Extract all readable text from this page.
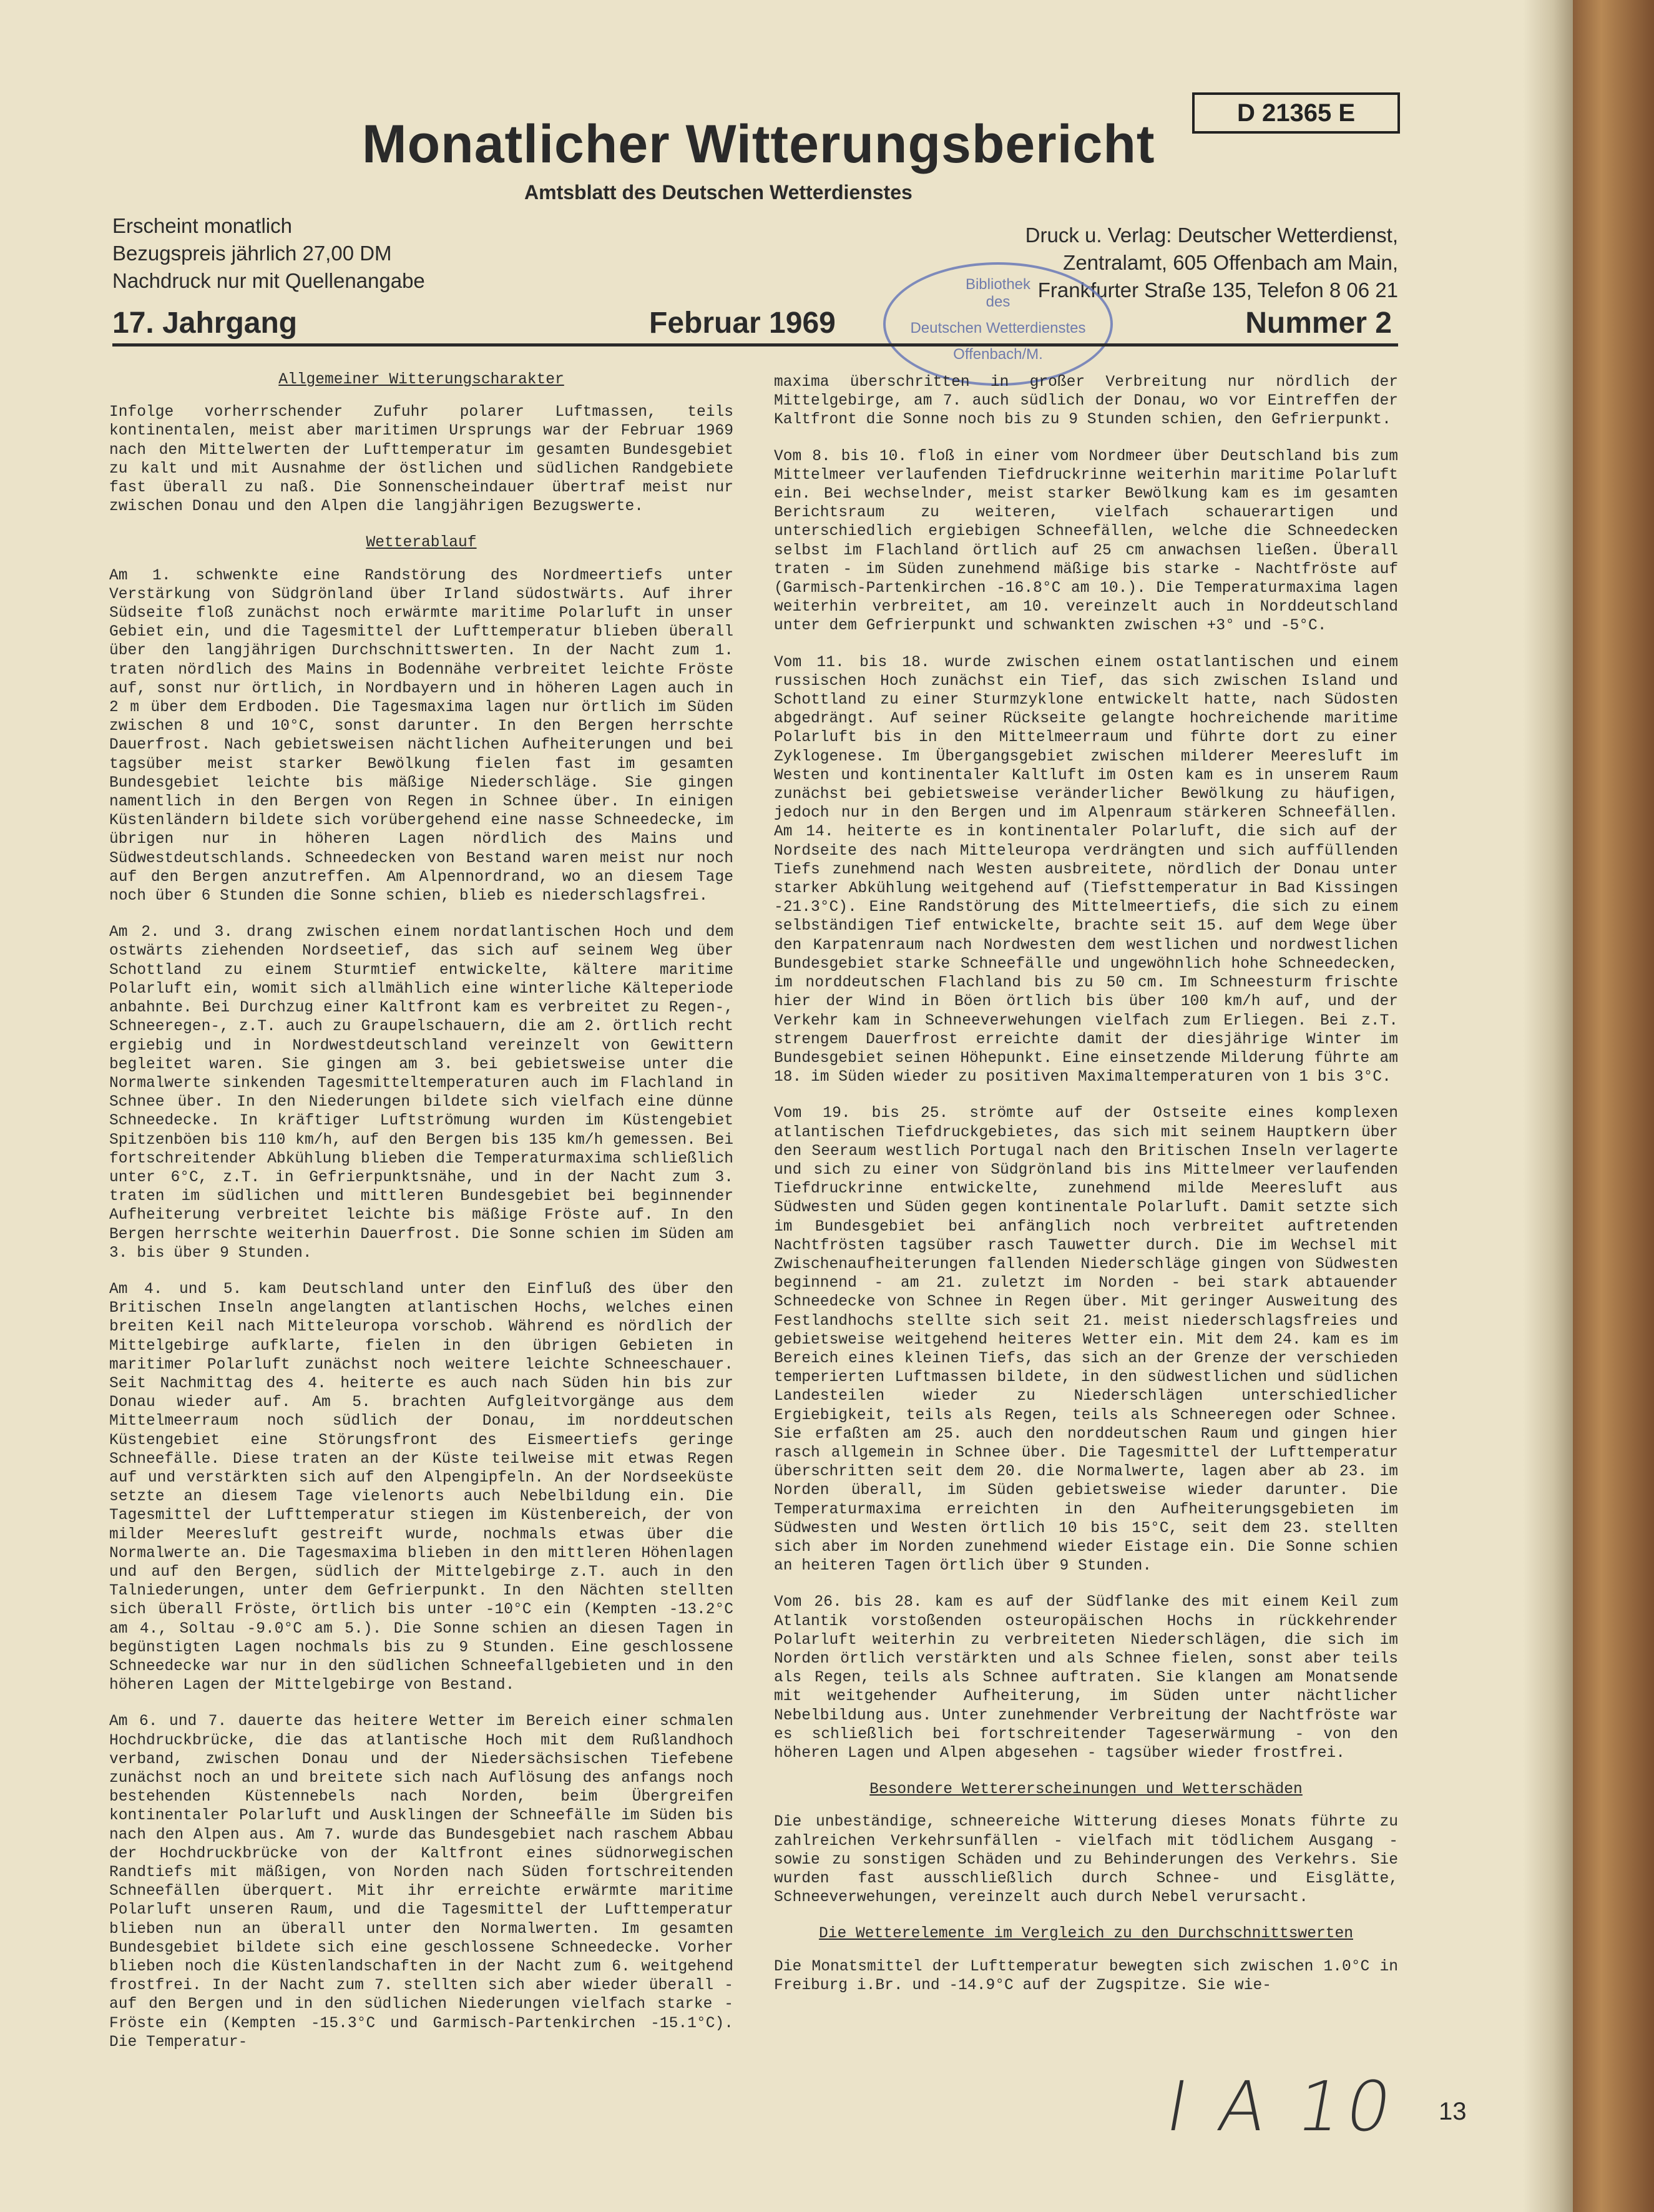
D 21365 E
Monatlicher Witterungsbericht
Amtsblatt des Deutschen Wetterdienstes
Erscheint monatlich
Bezugspreis jährlich 27,00 DM
Nachdruck nur mit Quellenangabe
Druck u. Verlag: Deutscher Wetterdienst,
Zentralamt, 605 Offenbach am Main,
Frankfurter Straße 135, Telefon 8 06 21
Bibliothek
des
Deutschen Wetterdienstes
Offenbach/M.
17. Jahrgang	Februar 1969	Nummer 2
Allgemeiner Witterungscharakter

Infolge vorherrschender Zufuhr polarer Luftmassen, teils kontinentalen, meist aber maritimen Ursprungs war der Februar 1969 nach den Mittelwerten der Lufttemperatur im gesamten Bundesgebiet zu kalt und mit Ausnahme der östlichen und südlichen Randgebiete fast überall zu naß. Die Sonnenscheindauer übertraf meist nur zwischen Donau und den Alpen die langjährigen Bezugswerte.

Wetterablauf

Am 1. schwenkte eine Randstörung des Nordmeertiefs unter Verstärkung von Südgrönland über Irland südostwärts. Auf ihrer Südseite floß zunächst noch erwärmte maritime Polarluft in unser Gebiet ein, und die Tagesmittel der Lufttemperatur blieben überall über den langjährigen Durchschnittswerten. In der Nacht zum 1. traten nördlich des Mains in Bodennähe verbreitet leichte Fröste auf, sonst nur örtlich, in Nordbayern und in höheren Lagen auch in 2 m über dem Erdboden. Die Tagesmaxima lagen nur örtlich im Süden zwischen 8 und 10°C, sonst darunter. In den Bergen herrschte Dauerfrost. Nach gebietsweisen nächtlichen Aufheiterungen und bei tagsüber meist starker Bewölkung fielen fast im gesamten Bundesgebiet leichte bis mäßige Niederschläge. Sie gingen namentlich in den Bergen von Regen in Schnee über. In einigen Küstenländern bildete sich vorübergehend eine nasse Schneedecke, im übrigen nur in höheren Lagen nördlich des Mains und Südwestdeutschlands. Schneedecken von Bestand waren meist nur noch auf den Bergen anzutreffen. Am Alpennordrand, wo an diesem Tage noch über 6 Stunden die Sonne schien, blieb es niederschlagsfrei.

Am 2. und 3. drang zwischen einem nordatlantischen Hoch und dem ostwärts ziehenden Nordseetief, das sich auf seinem Weg über Schottland zu einem Sturmtief entwickelte, kältere maritime Polarluft ein, womit sich allmählich eine winterliche Kälteperiode anbahnte. Bei Durchzug einer Kaltfront kam es verbreitet zu Regen-, Schneeregen-, z.T. auch zu Graupelschauern, die am 2. örtlich recht ergiebig und in Nordwestdeutschland vereinzelt von Gewittern begleitet waren. Sie gingen am 3. bei gebietsweise unter die Normalwerte sinkenden Tagesmitteltemperaturen auch im Flachland in Schnee über. In den Niederungen bildete sich vielfach eine dünne Schneedecke. In kräftiger Luftströmung wurden im Küstengebiet Spitzenböen bis 110 km/h, auf den Bergen bis 135 km/h gemessen. Bei fortschreitender Abkühlung blieben die Temperaturmaxima schließlich unter 6°C, z.T. in Gefrierpunktsnähe, und in der Nacht zum 3. traten im südlichen und mittleren Bundesgebiet bei beginnender Aufheiterung verbreitet leichte bis mäßige Fröste auf. In den Bergen herrschte weiterhin Dauerfrost. Die Sonne schien im Süden am 3. bis über 9 Stunden.

Am 4. und 5. kam Deutschland unter den Einfluß des über den Britischen Inseln angelangten atlantischen Hochs, welches einen breiten Keil nach Mitteleuropa vorschob. Während es nördlich der Mittelgebirge aufklarte, fielen in den übrigen Gebieten in maritimer Polarluft zunächst noch weitere leichte Schneeschauer. Seit Nachmittag des 4. heiterte es auch nach Süden hin bis zur Donau wieder auf. Am 5. brachten Aufgleitvorgänge aus dem Mittelmeerraum noch südlich der Donau, im norddeutschen Küstengebiet eine Störungsfront des Eismeertiefs geringe Schneefälle. Diese traten an der Küste teilweise mit etwas Regen auf und verstärkten sich auf den Alpengipfeln. An der Nordseeküste setzte an diesem Tage vielenorts auch Nebelbildung ein. Die Tagesmittel der Lufttemperatur stiegen im Küstenbereich, der von milder Meeresluft gestreift wurde, nochmals etwas über die Normalwerte an. Die Tagesmaxima blieben in den mittleren Höhenlagen und auf den Bergen, südlich der Mittelgebirge z.T. auch in den Talniederungen, unter dem Gefrierpunkt. In den Nächten stellten sich überall Fröste, örtlich bis unter -10°C ein (Kempten -13.2°C am 4., Soltau -9.0°C am 5.). Die Sonne schien an diesen Tagen in begünstigten Lagen nochmals bis zu 9 Stunden. Eine geschlossene Schneedecke war nur in den südlichen Schneefallgebieten und in den höheren Lagen der Mittelgebirge von Bestand.

Am 6. und 7. dauerte das heitere Wetter im Bereich einer schmalen Hochdruckbrücke, die das atlantische Hoch mit dem Rußlandhoch verband, zwischen Donau und der Niedersächsischen Tiefebene zunächst noch an und breitete sich nach Auflösung des anfangs noch bestehenden Küstennebels nach Norden, beim Übergreifen kontinentaler Polarluft und Ausklingen der Schneefälle im Süden bis nach den Alpen aus. Am 7. wurde das Bundesgebiet nach raschem Abbau der Hochdruckbrücke von der Kaltfront eines südnorwegischen Randtiefs mit mäßigen, von Norden nach Süden fortschreitenden Schneefällen überquert. Mit ihr erreichte erwärmte maritime Polarluft unseren Raum, und die Tagesmittel der Lufttemperatur blieben nun an überall unter den Normalwerten. Im gesamten Bundesgebiet bildete sich eine geschlossene Schneedecke. Vorher blieben noch die Küstenlandschaften in der Nacht zum 6. weitgehend frostfrei. In der Nacht zum 7. stellten sich aber wieder überall - auf den Bergen und in den südlichen Niederungen vielfach starke - Fröste ein (Kempten -15.3°C und Garmisch-Partenkirchen -15.1°C). Die Temperatur-

maxima überschritten in großer Verbreitung nur nördlich der Mittelgebirge, am 7. auch südlich der Donau, wo vor Eintreffen der Kaltfront die Sonne noch bis zu 9 Stunden schien, den Gefrierpunkt.

Vom 8. bis 10. floß in einer vom Nordmeer über Deutschland bis zum Mittelmeer verlaufenden Tiefdruckrinne weiterhin maritime Polarluft ein. Bei wechselnder, meist starker Bewölkung kam es im gesamten Berichtsraum zu weiteren, vielfach schauerartigen und unterschiedlich ergiebigen Schneefällen, welche die Schneedecken selbst im Flachland örtlich auf 25 cm anwachsen ließen. Überall traten - im Süden zunehmend mäßige bis starke - Nachtfröste auf (Garmisch-Partenkirchen -16.8°C am 10.). Die Temperaturmaxima lagen weiterhin verbreitet, am 10. vereinzelt auch in Norddeutschland unter dem Gefrierpunkt und schwankten zwischen +3° und -5°C.

Vom 11. bis 18. wurde zwischen einem ostatlantischen und einem russischen Hoch zunächst ein Tief, das sich zwischen Island und Schottland zu einer Sturmzyklone entwickelt hatte, nach Südosten abgedrängt. Auf seiner Rückseite gelangte hochreichende maritime Polarluft bis in den Mittelmeerraum und führte dort zu einer Zyklogenese. Im Übergangsgebiet zwischen milderer Meeresluft im Westen und kontinentaler Kaltluft im Osten kam es in unserem Raum zunächst bei gebietsweise veränderlicher Bewölkung zu häufigen, jedoch nur in den Bergen und im Alpenraum stärkeren Schneefällen. Am 14. heiterte es in kontinentaler Polarluft, die sich auf der Nordseite des nach Mitteleuropa verdrängten und sich auffüllenden Tiefs zunehmend nach Westen ausbreitete, nördlich der Donau unter starker Abkühlung weitgehend auf (Tiefsttemperatur in Bad Kissingen -21.3°C). Eine Randstörung des Mittelmeertiefs, die sich zu einem selbständigen Tief entwickelte, brachte seit 15. auf dem Wege über den Karpatenraum nach Nordwesten dem westlichen und nordwestlichen Bundesgebiet starke Schneefälle und ungewöhnlich hohe Schneedecken, im norddeutschen Flachland bis zu 50 cm. Im Schneesturm frischte hier der Wind in Böen örtlich bis über 100 km/h auf, und der Verkehr kam in Schneeverwehungen vielfach zum Erliegen. Bei z.T. strengem Dauerfrost erreichte damit der diesjährige Winter im Bundesgebiet seinen Höhepunkt. Eine einsetzende Milderung führte am 18. im Süden wieder zu positiven Maximaltemperaturen von 1 bis 3°C.

Vom 19. bis 25. strömte auf der Ostseite eines komplexen atlantischen Tiefdruckgebietes, das sich mit seinem Hauptkern über den Seeraum westlich Portugal nach den Britischen Inseln verlagerte und sich zu einer von Südgrönland bis ins Mittelmeer verlaufenden Tiefdruckrinne entwickelte, zunehmend milde Meeresluft aus Südwesten und Süden gegen kontinentale Polarluft. Damit setzte sich im Bundesgebiet bei anfänglich noch verbreitet auftretenden Nachtfrösten tagsüber rasch Tauwetter durch. Die im Wechsel mit Zwischenaufheiterungen fallenden Niederschläge gingen von Südwesten beginnend - am 21. zuletzt im Norden - bei stark abtauender Schneedecke von Schnee in Regen über. Mit geringer Ausweitung des Festlandhochs stellte sich seit 21. meist niederschlagsfreies und gebietsweise weitgehend heiteres Wetter ein. Mit dem 24. kam es im Bereich eines kleinen Tiefs, das sich an der Grenze der verschieden temperierten Luftmassen bildete, in den südwestlichen und südlichen Landesteilen wieder zu Niederschlägen unterschiedlicher Ergiebigkeit, teils als Regen, teils als Schneeregen oder Schnee. Sie erfaßten am 25. auch den norddeutschen Raum und gingen hier rasch allgemein in Schnee über. Die Tagesmittel der Lufttemperatur überschritten seit dem 20. die Normalwerte, lagen aber ab 23. im Norden überall, im Süden gebietsweise wieder darunter. Die Temperaturmaxima erreichten in den Aufheiterungsgebieten im Südwesten und Westen örtlich 10 bis 15°C, seit dem 23. stellten sich aber im Norden zunehmend wieder Eistage ein. Die Sonne schien an heiteren Tagen örtlich über 9 Stunden.

Vom 26. bis 28. kam es auf der Südflanke des mit einem Keil zum Atlantik vorstoßenden osteuropäischen Hochs in rückkehrender Polarluft weiterhin zu verbreiteten Niederschlägen, die sich im Norden örtlich verstärkten und als Schnee fielen, sonst aber teils als Regen, teils als Schnee auftraten. Sie klangen am Monatsende mit weitgehender Aufheiterung, im Süden unter nächtlicher Nebelbildung aus. Unter zunehmender Verbreitung der Nachtfröste war es schließlich bei fortschreitender Tageserwärmung - von den höheren Lagen und Alpen abgesehen - tagsüber wieder frostfrei.

Besondere Wettererscheinungen und Wetterschäden

Die unbeständige, schneereiche Witterung dieses Monats führte zu zahlreichen Verkehrsunfällen - vielfach mit tödlichem Ausgang - sowie zu sonstigen Schäden und zu Behinderungen des Verkehrs. Sie wurden fast ausschließlich durch Schnee- und Eisglätte, Schneeverwehungen, vereinzelt auch durch Nebel verursacht.

Die Wetterelemente im Vergleich zu den Durchschnittswerten

Die Monatsmittel der Lufttemperatur bewegten sich zwischen 1.0°C in Freiburg i.Br. und -14.9°C auf der Zugspitze. Sie wie-

I A 10 13
